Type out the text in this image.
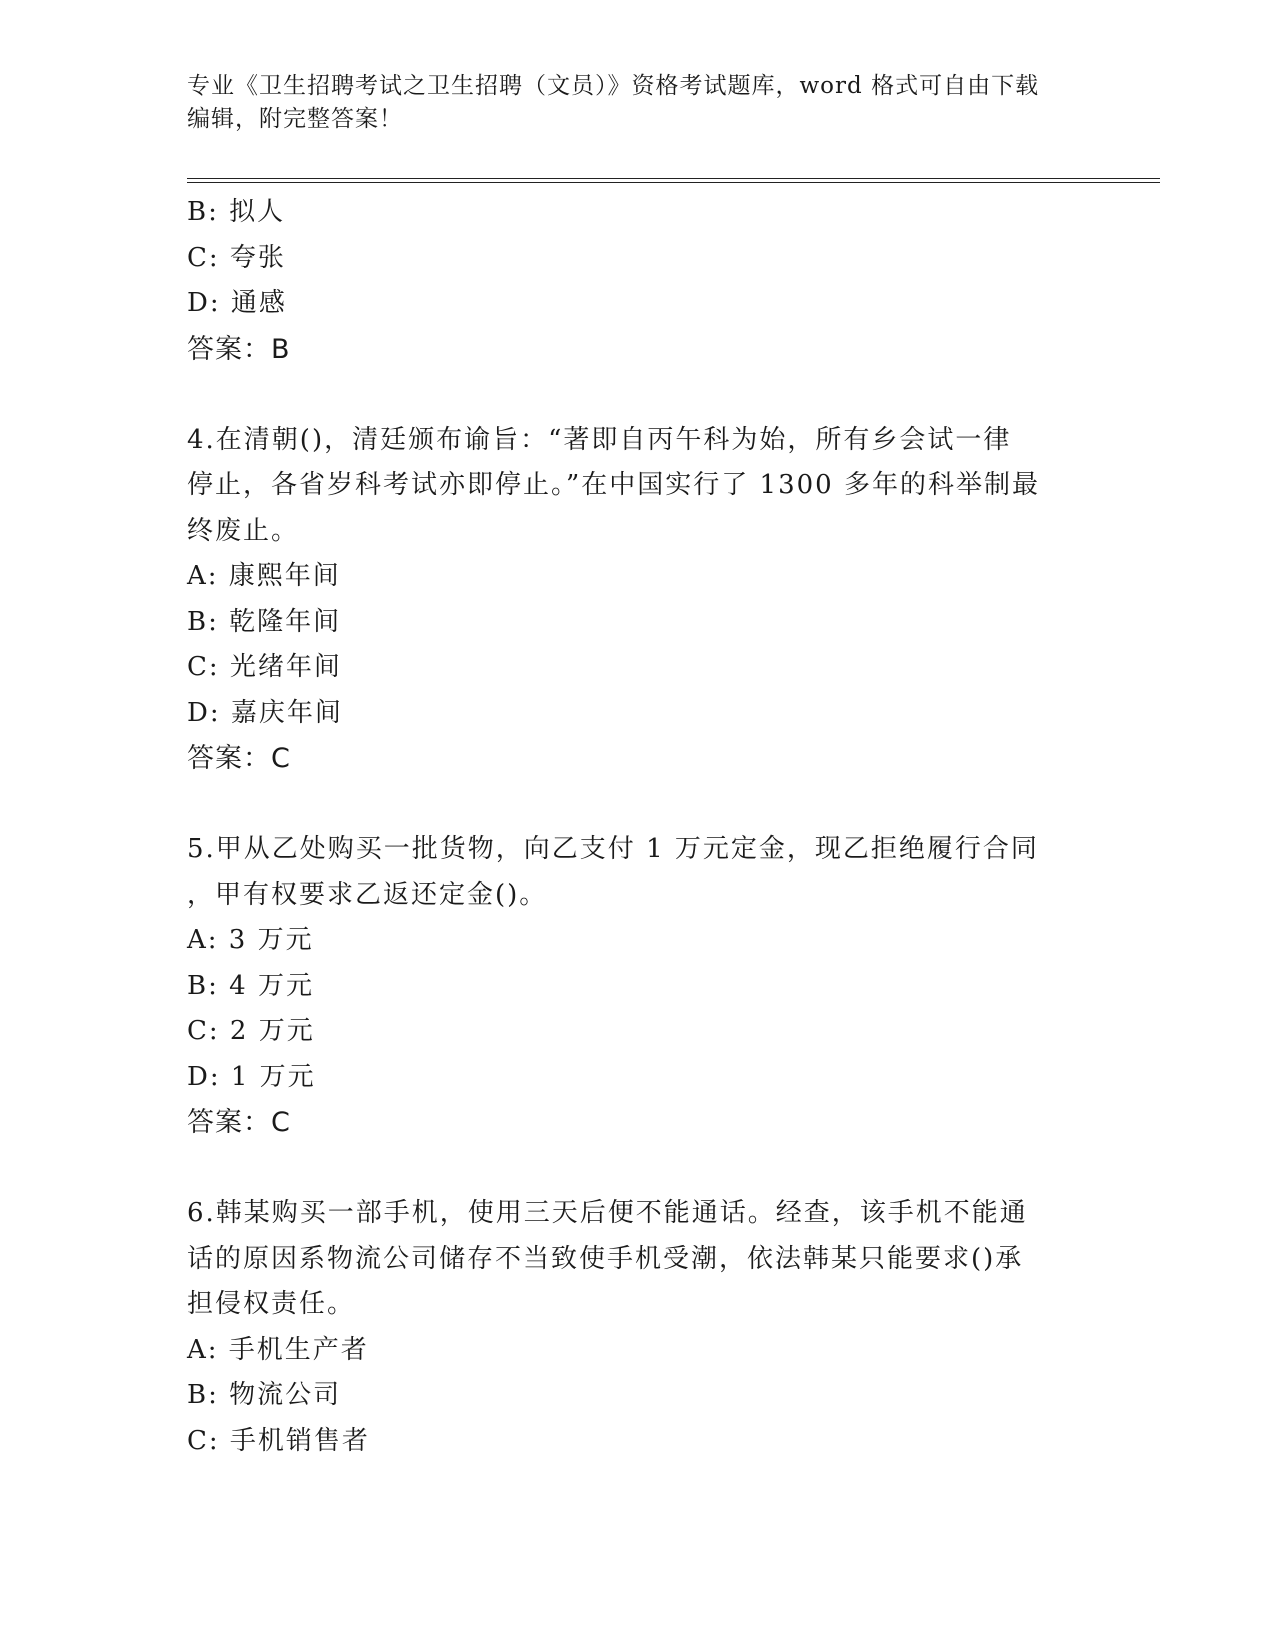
专业《卫生招聘考试之卫生招聘（文员）》资格考试题库，word 格式可自由下载
编辑，附完整答案！
B: 拟人
C: 夸张
D: 通感
答案：B
4.在清朝()，清廷颁布谕旨：“著即自丙午科为始，所有乡会试一律
停止，各省岁科考试亦即停止。”在中国实行了 1300 多年的科举制最
终废止。
A: 康熙年间
B: 乾隆年间
C: 光绪年间
D: 嘉庆年间
答案：C
5.甲从乙处购买一批货物，向乙支付 1 万元定金，现乙拒绝履行合同
，甲有权要求乙返还定金()。
A: 3 万元
B: 4 万元
C: 2 万元
D: 1 万元
答案：C
6.韩某购买一部手机，使用三天后便不能通话。经查，该手机不能通
话的原因系物流公司储存不当致使手机受潮，依法韩某只能要求()承
担侵权责任。
A: 手机生产者
B: 物流公司
C: 手机销售者
